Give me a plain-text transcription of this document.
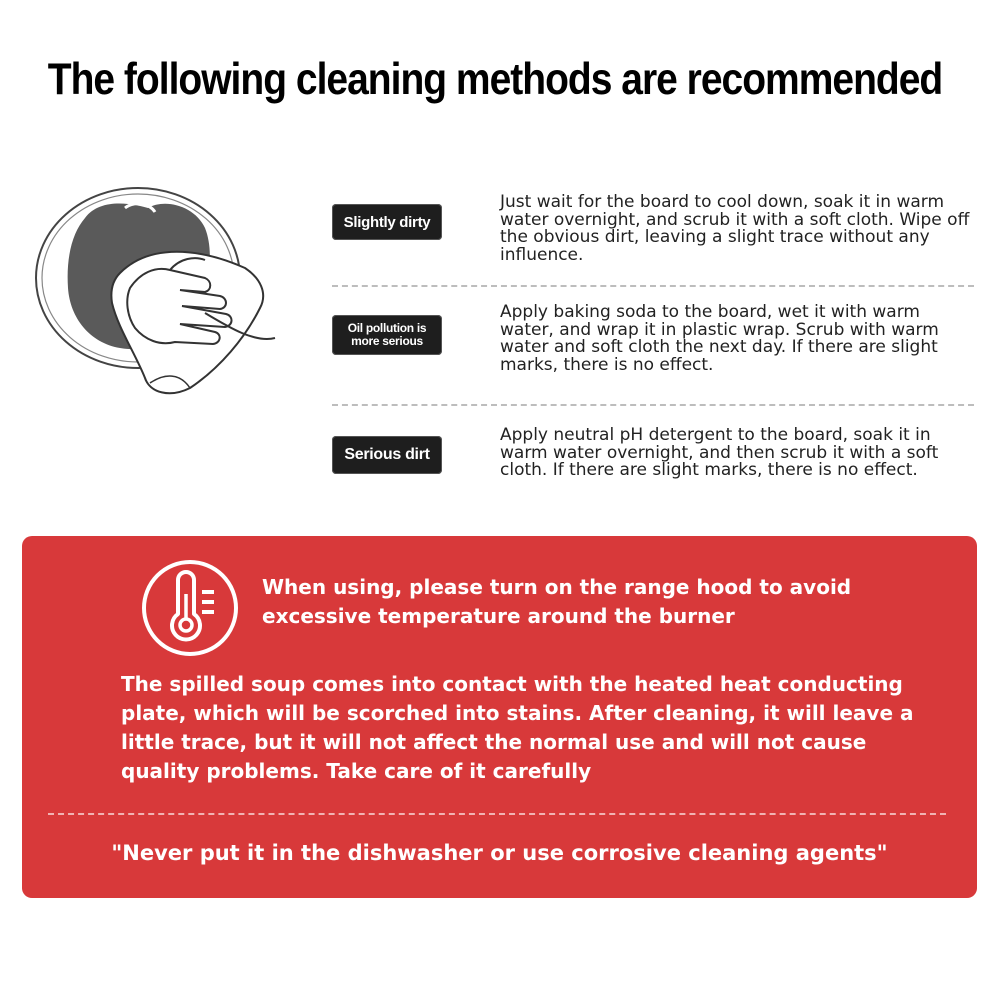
The following cleaning methods are recommended
Slightly dirty
Just wait for the board to cool down, soak it in warm water overnight, and scrub it with a soft cloth. Wipe off the obvious dirt, leaving a slight trace without any influence.
Oil pollution is
more serious
Apply baking soda to the board, wet it with warm water, and wrap it in plastic wrap. Scrub with warm water and soft cloth the next day. If there are slight marks, there is no effect.
Serious dirt
Apply neutral pH detergent to the board, soak it in warm water overnight, and then scrub it with a soft cloth. If there are slight marks, there is no effect.
When using, please turn on the range hood to avoid excessive temperature around the burner
The spilled soup comes into contact with the heated heat conducting plate, which will be scorched into stains. After cleaning, it will leave a little trace, but it will not affect the normal use and will not cause quality problems. Take care of it carefully
"Never put it in the dishwasher or use corrosive cleaning agents"
